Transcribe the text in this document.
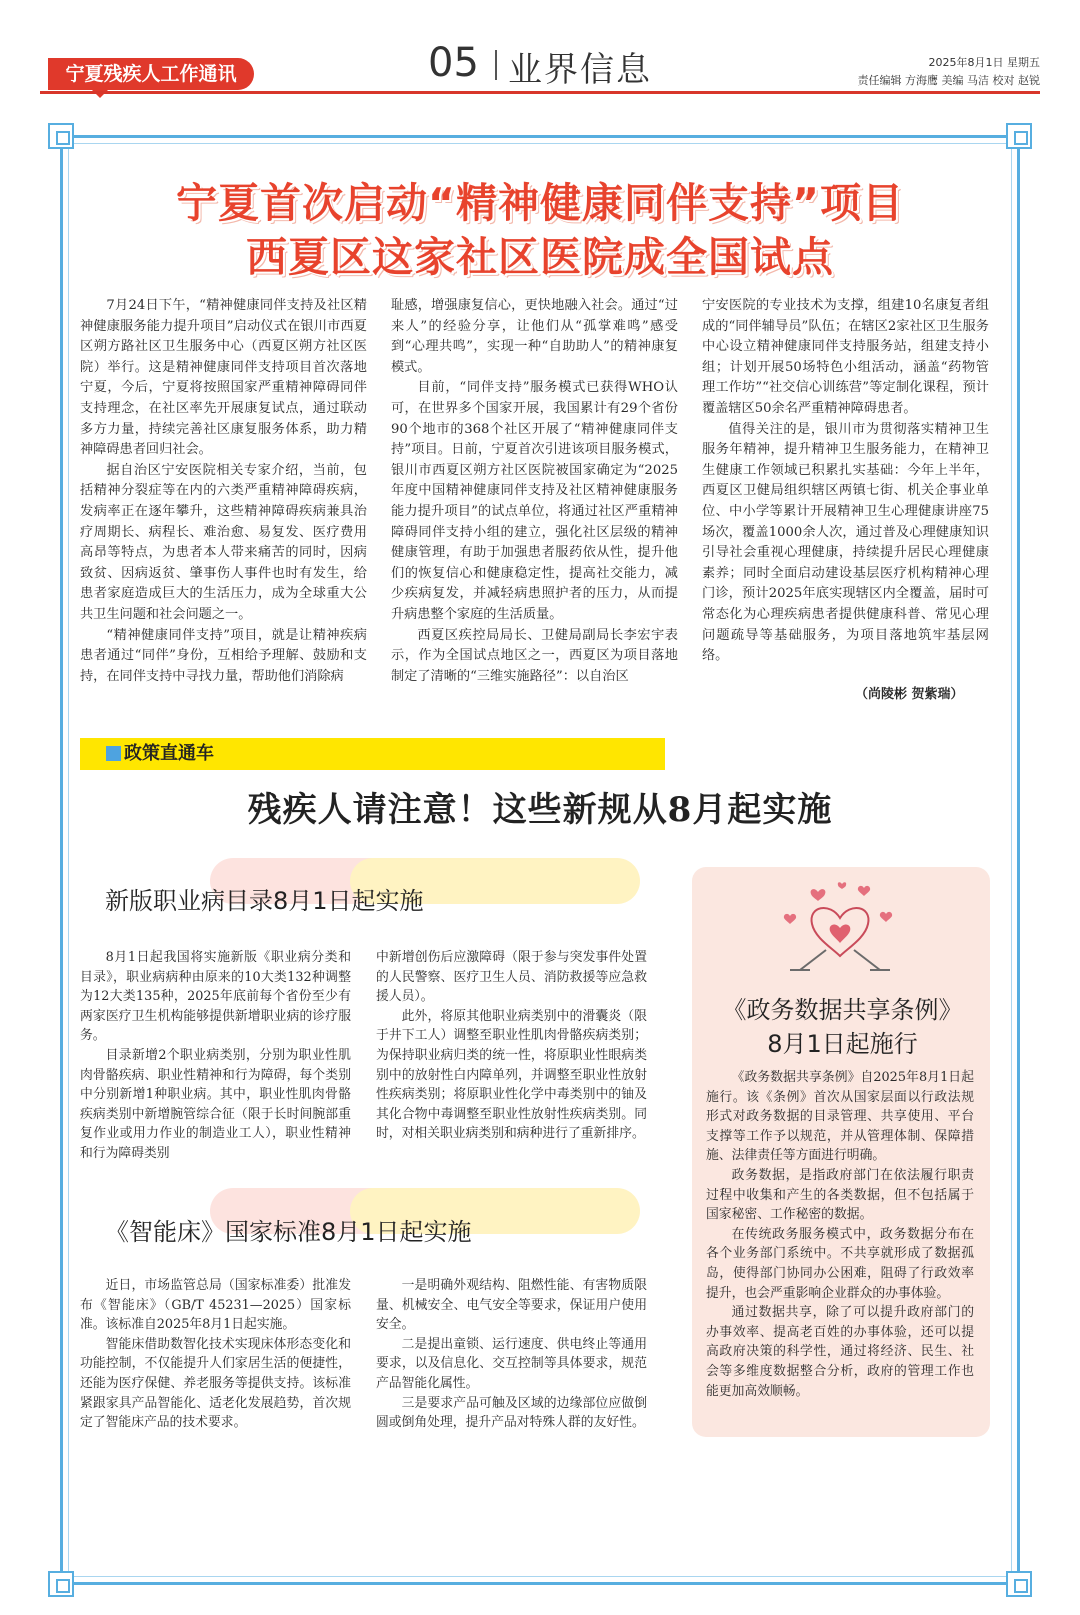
宁夏残疾人工作通讯	05 业界信息	2025年8月1日 星期五
责任编辑 方海鹰 美编 马洁 校对 赵锐
宁夏首次启动“精神健康同伴支持”项目
西夏区这家社区医院成全国试点

7月24日下午，“精神健康同伴支持及社区精神健康服务能力提升项目”启动仪式在银川市西夏区朔方路社区卫生服务中心（西夏区朔方社区医院）举行。这是精神健康同伴支持项目首次落地宁夏，今后，宁夏将按照国家严重精神障碍同伴支持理念，在社区率先开展康复试点，通过联动多方力量，持续完善社区康复服务体系，助力精神障碍患者回归社会。

据自治区宁安医院相关专家介绍，当前，包括精神分裂症等在内的六类严重精神障碍疾病，发病率正在逐年攀升，这些精神障碍疾病兼具治疗周期长、病程长、难治愈、易复发、医疗费用高昂等特点，为患者本人带来痛苦的同时，因病致贫、因病返贫、肇事伤人事件也时有发生，给患者家庭造成巨大的生活压力，成为全球重大公共卫生问题和社会问题之一。

“精神健康同伴支持”项目，就是让精神疾病患者通过“同伴”身份，互相给予理解、鼓励和支持，在同伴支持中寻找力量，帮助他们消除病

耻感，增强康复信心，更快地融入社会。通过“过来人”的经验分享，让他们从“孤掌难鸣”感受到“心理共鸣”，实现一种“自助助人”的精神康复模式。

目前，“同伴支持”服务模式已获得WHO认可，在世界多个国家开展，我国累计有29个省份90个地市的368个社区开展了“精神健康同伴支持”项目。日前，宁夏首次引进该项目服务模式，银川市西夏区朔方社区医院被国家确定为“2025年度中国精神健康同伴支持及社区精神健康服务能力提升项目”的试点单位，将通过社区严重精神障碍同伴支持小组的建立，强化社区层级的精神健康管理，有助于加强患者服药依从性，提升他们的恢复信心和健康稳定性，提高社交能力，减少疾病复发，并减轻病患照护者的压力，从而提升病患整个家庭的生活质量。

西夏区疾控局局长、卫健局副局长李宏宇表示，作为全国试点地区之一，西夏区为项目落地制定了清晰的“三维实施路径”：以自治区

宁安医院的专业技术为支撑，组建10名康复者组成的“同伴辅导员”队伍；在辖区2家社区卫生服务中心设立精神健康同伴支持服务站，组建支持小组；计划开展50场特色小组活动，涵盖“药物管理工作坊”“社交信心训练营”等定制化课程，预计覆盖辖区50余名严重精神障碍患者。

值得关注的是，银川市为贯彻落实精神卫生服务年精神，提升精神卫生服务能力，在精神卫生健康工作领域已积累扎实基础：今年上半年，西夏区卫健局组织辖区两镇七街、机关企事业单位、中小学等累计开展精神卫生心理健康讲座75场次，覆盖1000余人次，通过普及心理健康知识引导社会重视心理健康，持续提升居民心理健康素养；同时全面启动建设基层医疗机构精神心理门诊，预计2025年底实现辖区内全覆盖，届时可常态化为心理疾病患者提供健康科普、常见心理问题疏导等基础服务，为项目落地筑牢基层网络。

（尚陵彬 贺紫瑞）
政策直通车
残疾人请注意！这些新规从8月起实施
新版职业病目录8月1日起实施

8月1日起我国将实施新版《职业病分类和目录》，职业病病种由原来的10大类132种调整为12大类135种，2025年底前每个省份至少有两家医疗卫生机构能够提供新增职业病的诊疗服务。

目录新增2个职业病类别，分别为职业性肌肉骨骼疾病、职业性精神和行为障碍，每个类别中分别新增1种职业病。其中，职业性肌肉骨骼疾病类别中新增腕管综合征（限于长时间腕部重复作业或用力作业的制造业工人），职业性精神和行为障碍类别

中新增创伤后应激障碍（限于参与突发事件处置的人民警察、医疗卫生人员、消防救援等应急救援人员）。

此外，将原其他职业病类别中的滑囊炎（限于井下工人）调整至职业性肌肉骨骼疾病类别；为保持职业病归类的统一性，将原职业性眼病类别中的放射性白内障单列，并调整至职业性放射性疾病类别；将原职业性化学中毒类别中的铀及其化合物中毒调整至职业性放射性疾病类别。同时，对相关职业病类别和病种进行了重新排序。

《智能床》国家标准8月1日起实施

近日，市场监管总局（国家标准委）批准发布《智能床》（GB/T 45231—2025）国家标准。该标准自2025年8月1日起实施。

智能床借助数智化技术实现床体形态变化和功能控制，不仅能提升人们家居生活的便捷性，还能为医疗保健、养老服务等提供支持。该标准紧跟家具产品智能化、适老化发展趋势，首次规定了智能床产品的技术要求。

一是明确外观结构、阻燃性能、有害物质限量、机械安全、电气安全等要求，保证用户使用安全。

二是提出童锁、运行速度、供电终止等通用要求，以及信息化、交互控制等具体要求，规范产品智能化属性。

三是要求产品可触及区域的边缘部位应做倒圆或倒角处理，提升产品对特殊人群的友好性。

《政务数据共享条例》
8月1日起施行

《政务数据共享条例》自2025年8月1日起施行。该《条例》首次从国家层面以行政法规形式对政务数据的目录管理、共享使用、平台支撑等工作予以规范，并从管理体制、保障措施、法律责任等方面进行明确。

政务数据，是指政府部门在依法履行职责过程中收集和产生的各类数据，但不包括属于国家秘密、工作秘密的数据。

在传统政务服务模式中，政务数据分布在各个业务部门系统中。不共享就形成了数据孤岛，使得部门协同办公困难，阻碍了行政效率提升，也会严重影响企业群众的办事体验。

通过数据共享，除了可以提升政府部门的办事效率、提高老百姓的办事体验，还可以提高政府决策的科学性，通过将经济、民生、社会等多维度数据整合分析，政府的管理工作也能更加高效顺畅。
